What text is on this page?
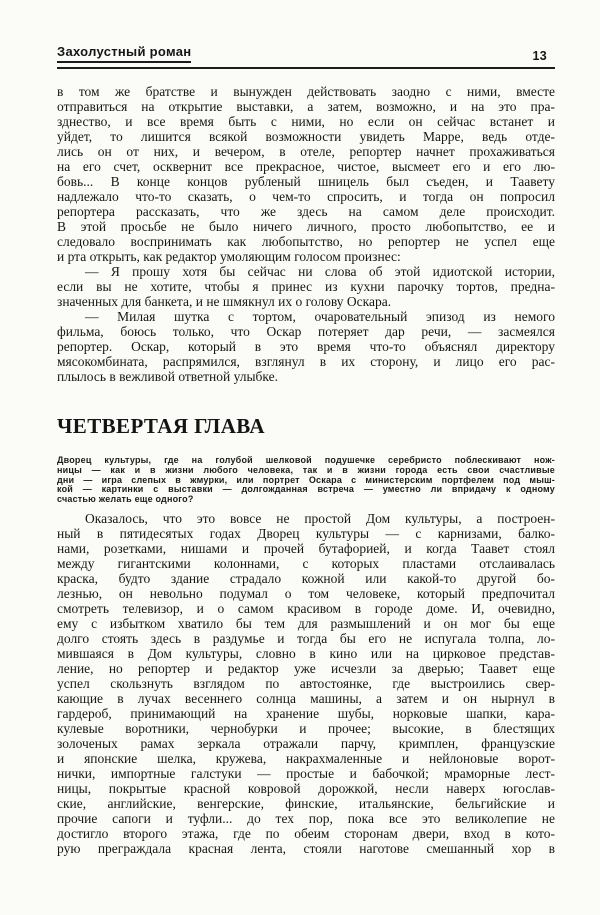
Захолустный роман	13
в том же братстве и вынужден действовать заодно с ними, вместе
отправиться на открытие выставки, а затем, возможно, и на это пра-
зднество, и все время быть с ними, но если он сейчас встанет и
уйдет, то лишится всякой возможности увидеть Марре, ведь отде-
лись он от них, и вечером, в отеле, репортер начнет прохаживаться
на его счет, осквернит все прекрасное, чистое, высмеет его и его лю-
бовь... В конце концов рубленый шницель был съеден, и Таавету
надлежало что-то сказать, о чем-то спросить, и тогда он попросил
репортера рассказать, что же здесь на самом деле происходит.
В этой просьбе не было ничего личного, просто любопытство, ее и
следовало воспринимать как любопытство, но репортер не успел еще
и рта открыть, как редактор умоляющим голосом произнес:
— Я прошу хотя бы сейчас ни слова об этой идиотской истории,
если вы не хотите, чтобы я принес из кухни парочку тортов, предна-
значенных для банкета, и не шмякнул их о голову Оскара.
— Милая шутка с тортом, очаровательный эпизод из немого
фильма, боюсь только, что Оскар потеряет дар речи, — засмеялся
репортер. Оскар, который в это время что-то объяснял директору
мясокомбината, распрямился, взглянул в их сторону, и лицо его рас-
плылось в вежливой ответной улыбке.
ЧЕТВЕРТАЯ ГЛАВА
Дворец культуры, где на голубой шелковой подушечке серебристо поблескивают нож-
ницы — как и в жизни любого человека, так и в жизни города есть свои счастливые
дни — игра слепых в жмурки, или портрет Оскара с министерским портфелем под мыш-
кой — картинки с выставки — долгожданная встреча — уместно ли впридачу к одному
счастью желать еще одного?
Оказалось, что это вовсе не простой Дом культуры, а построен-
ный в пятидесятых годах Дворец культуры — с карнизами, балко-
нами, розетками, нишами и прочей бутафорией, и когда Таавет стоял
между гигантскими колоннами, с которых пластами отслаивалась
краска, будто здание страдало кожной или какой-то другой бо-
лезнью, он невольно подумал о том человеке, который предпочитал
смотреть телевизор, и о самом красивом в городе доме. И, очевидно,
ему с избытком хватило бы тем для размышлений и он мог бы еще
долго стоять здесь в раздумье и тогда бы его не испугала толпа, ло-
мившаяся в Дом культуры, словно в кино или на цирковое представ-
ление, но репортер и редактор уже исчезли за дверью; Таавет еще
успел скользнуть взглядом по автостоянке, где выстроились свер-
кающие в лучах весеннего солнца машины, а затем и он нырнул в
гардероб, принимающий на хранение шубы, норковые шапки, кара-
кулевые воротники, чернобурки и прочее; высокие, в блестящих
золоченых рамах зеркала отражали парчу, кримплен, французские
и японские шелка, кружева, накрахмаленные и нейлоновые ворот-
нички, импортные галстуки — простые и бабочкой; мраморные лест-
ницы, покрытые красной ковровой дорожкой, несли наверх югослав-
ские, английские, венгерские, финские, итальянские, бельгийские и
прочие сапоги и туфли... до тех пор, пока все это великолепие не
достигло второго этажа, где по обеим сторонам двери, вход в кото-
рую преграждала красная лента, стояли наготове смешанный хор в
